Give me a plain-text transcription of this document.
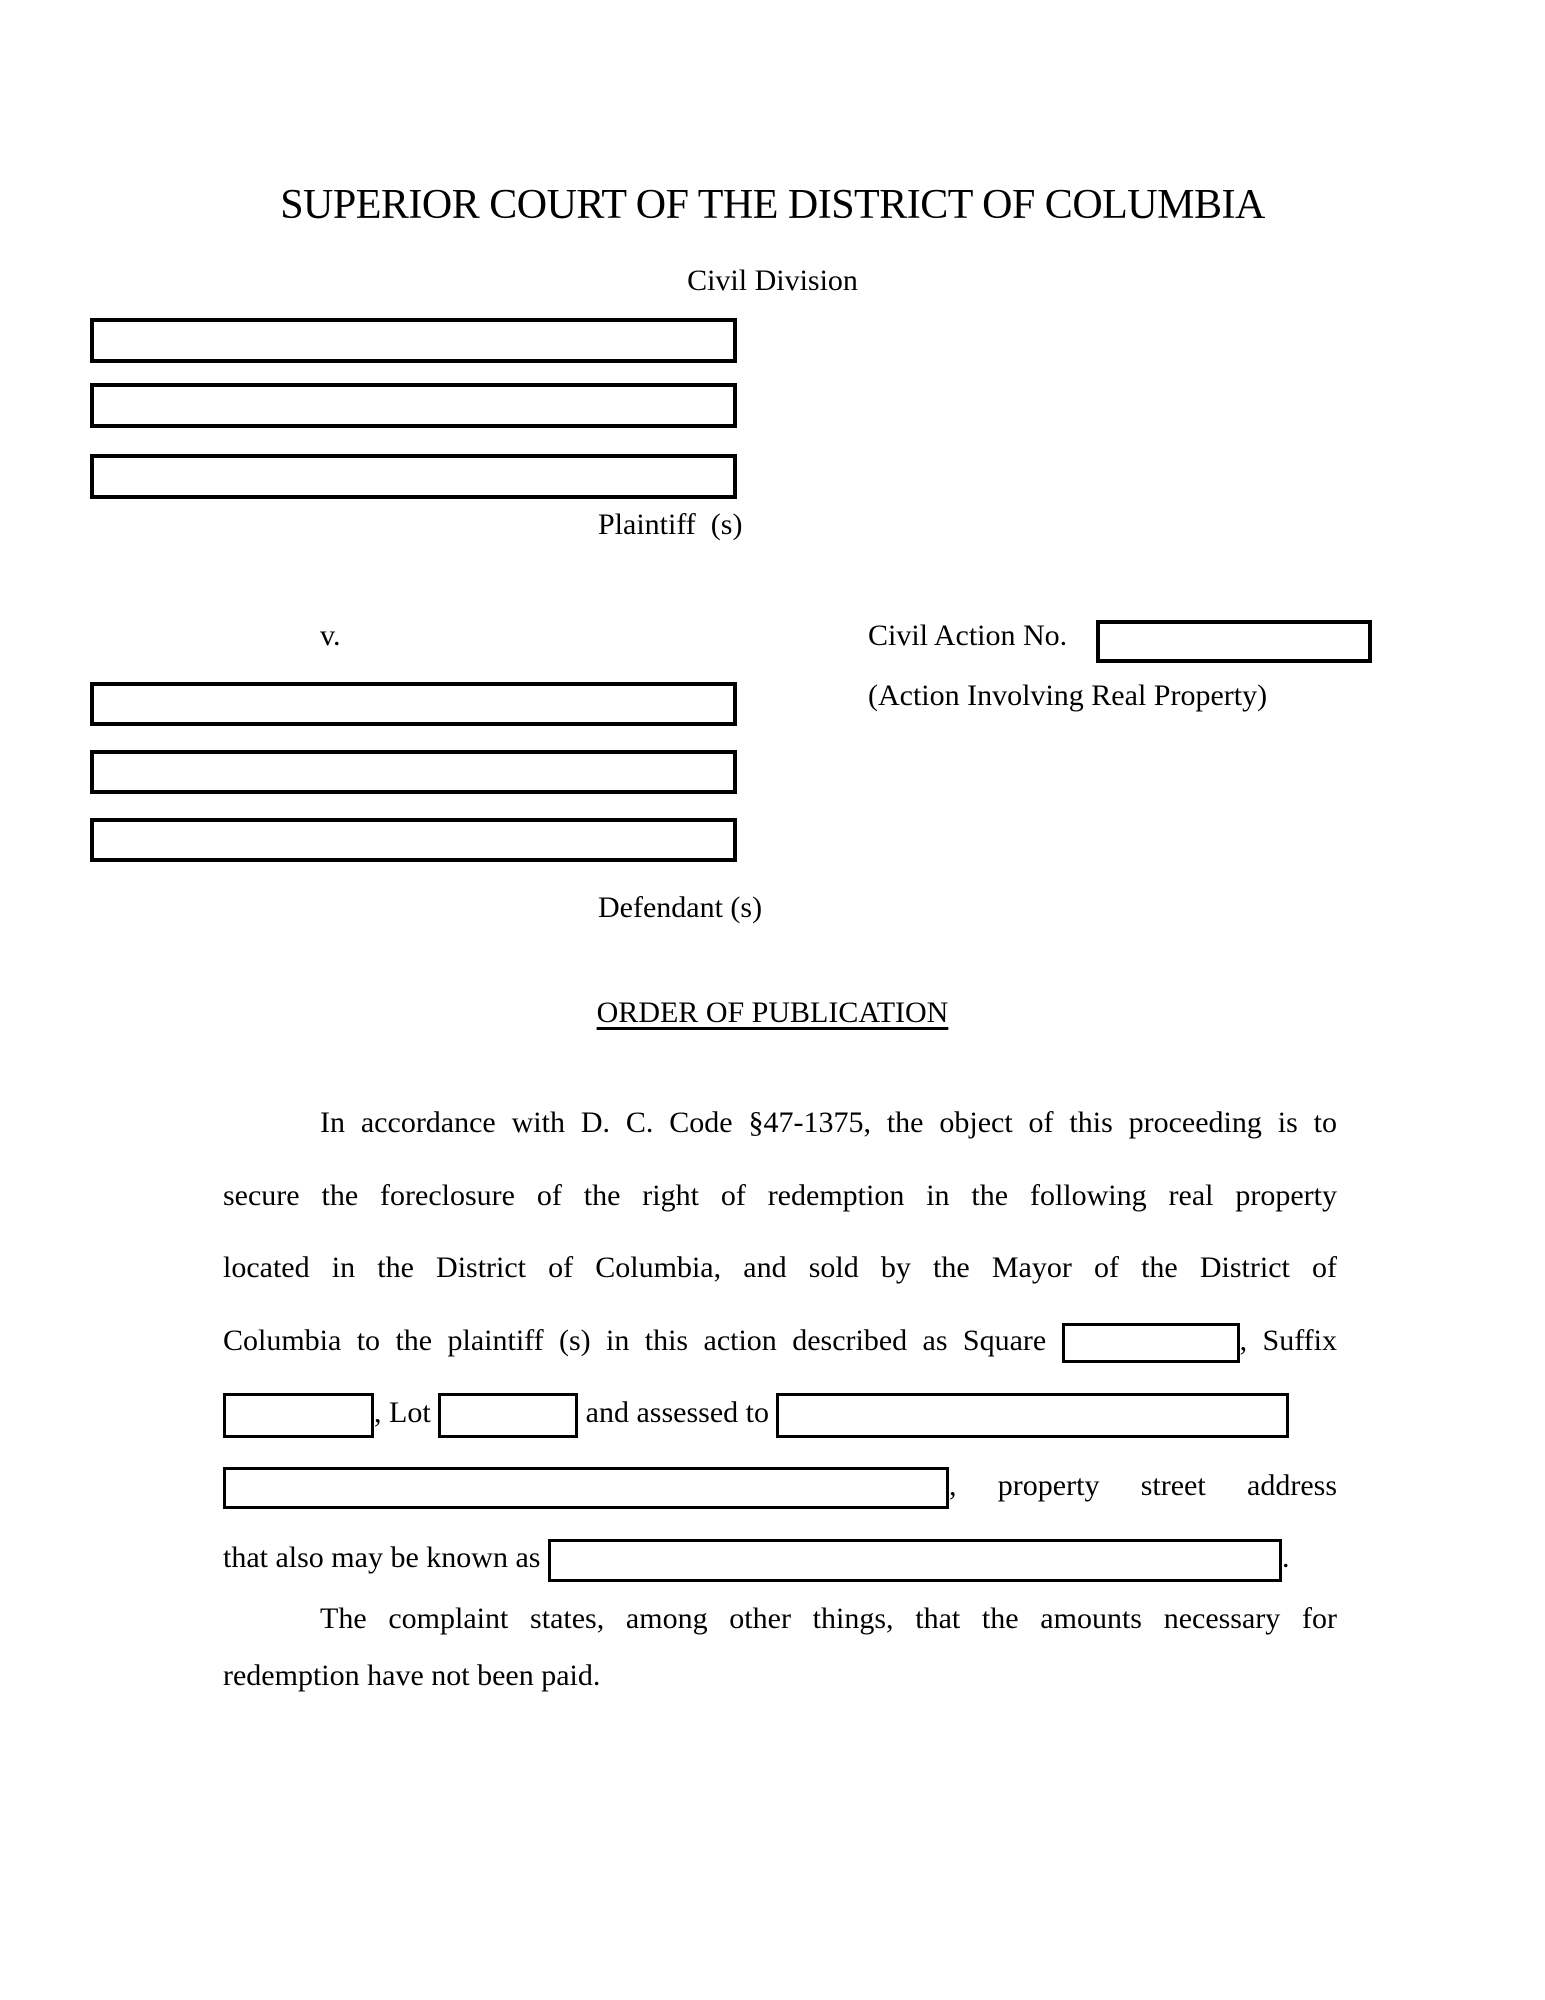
SUPERIOR COURT OF THE DISTRICT OF COLUMBIA
Civil Division
Plaintiff  (s)
v.	Civil Action No.
(Action Involving Real Property)
Defendant (s)
ORDER OF PUBLICATION
In accordance with D. C. Code §47-1375, the object of this proceeding is to
secure the foreclosure of the right of redemption in the following real property
located in the District of Columbia, and sold by the Mayor of the District of
Columbia to the plaintiff (s) in this action described as Square	, Suffix
, Lot	and assessed to
, property street address
that also may be known as	.
The complaint states, among other things, that the amounts necessary for
redemption have not been paid.
